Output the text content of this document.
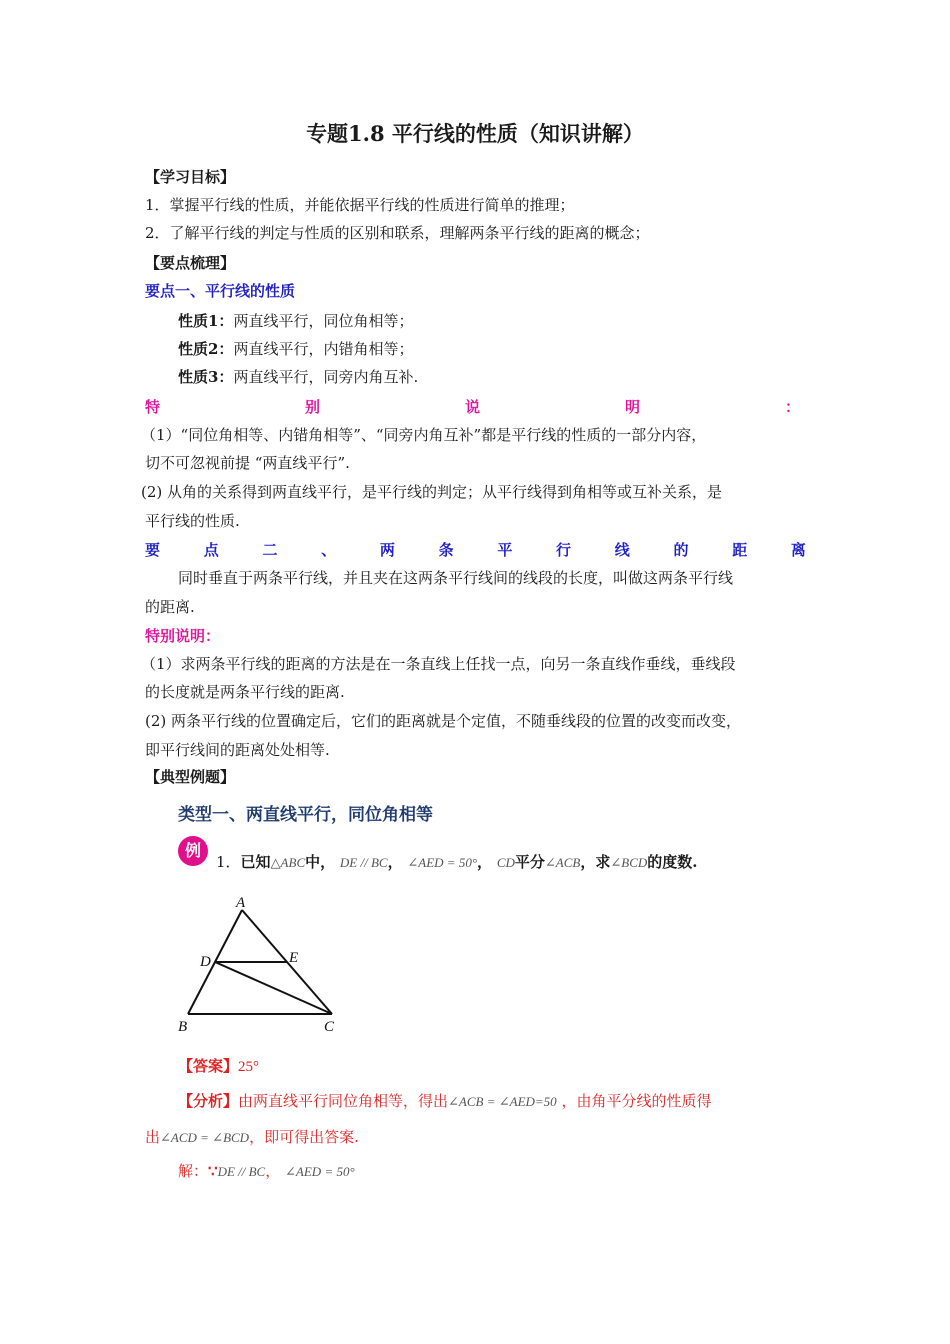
专题1.8 平行线的性质（知识讲解）
【学习目标】
1．掌握平行线的性质，并能依据平行线的性质进行简单的推理；
2．了解平行线的判定与性质的区别和联系，理解两条平行线的距离的概念；
【要点梳理】
要点一、平行线的性质
性质1：两直线平行，同位角相等；
性质2：两直线平行，内错角相等；
性质3：两直线平行，同旁内角互补.
特	别	说	明	：
（1）“同位角相等、内错角相等”、“同旁内角互补”都是平行线的性质的一部分内容，
切不可忽视前提 “两直线平行”.
(2) 从角的关系得到两直线平行，是平行线的判定；从平行线得到角相等或互补关系，是
平行线的性质.
要	点	二	、	两	条	平	行	线	的	距	离
同时垂直于两条平行线，并且夹在这两条平行线间的线段的长度，叫做这两条平行线
的距离.
特别说明：
（1）求两条平行线的距离的方法是在一条直线上任找一点，向另一条直线作垂线，垂线段
的长度就是两条平行线的距离.
(2) 两条平行线的位置确定后，它们的距离就是个定值，不随垂线段的位置的改变而改变，
即平行线间的距离处处相等.
【典型例题】
类型一、两直线平行，同位角相等
例
1．已知△ABC中， DE // BC， ∠AED = 50°， CD平分∠ACB，求∠BCD的度数.
A
D	E
B	C
【答案】25°
【分析】由两直线平行同位角相等，得出∠ACB = ∠AED=50 ，由角平分线的性质得
出∠ACD = ∠BCD，即可得出答案.
解：∵DE // BC， ∠AED = 50°
